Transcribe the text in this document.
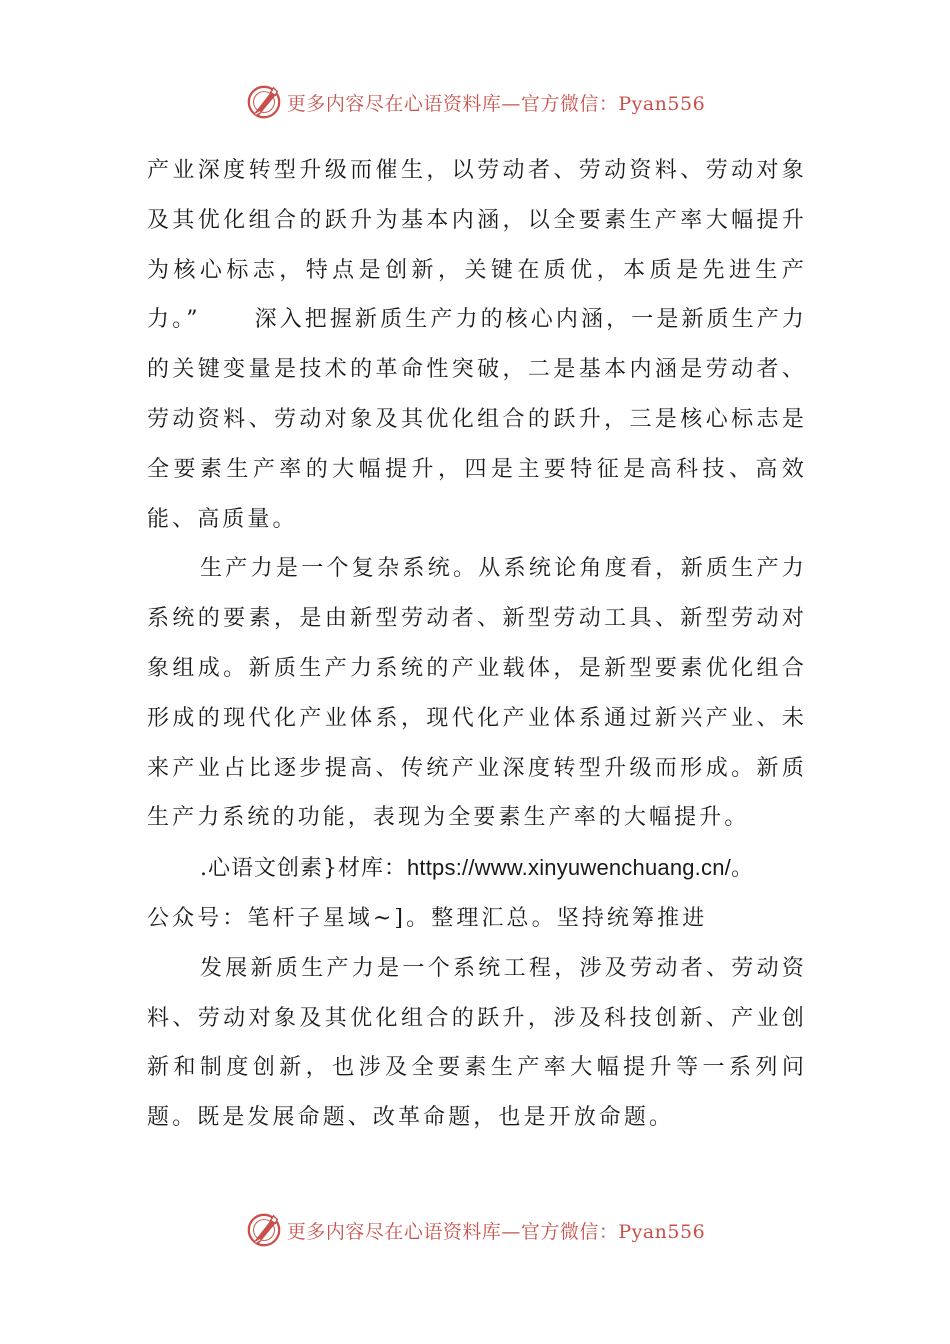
更多内容尽在心语资料库—官方微信：Pyan556

产业深度转型升级而催生，以劳动者、劳动资料、劳动对象及其优化组合的跃升为基本内涵，以全要素生产率大幅提升为核心标志，特点是创新，关键在质优，本质是先进生产力。” 深入把握新质生产力的核心内涵，一是新质生产力的关键变量是技术的革命性突破，二是基本内涵是劳动者、劳动资料、劳动对象及其优化组合的跃升，三是核心标志是全要素生产率的大幅提升，四是主要特征是高科技、高效能、高质量。

生产力是一个复杂系统。从系统论角度看，新质生产力系统的要素，是由新型劳动者、新型劳动工具、新型劳动对象组成。新质生产力系统的产业载体，是新型要素优化组合形成的现代化产业体系，现代化产业体系通过新兴产业、未来产业占比逐步提高、传统产业深度转型升级而形成。新质生产力系统的功能，表现为全要素生产率的大幅提升。

.心语文创素}材库：https://www.xinyuwenchuang.cn/。

公众号：笔杆子星域~]。整理汇总。坚持统筹推进

发展新质生产力是一个系统工程，涉及劳动者、劳动资料、劳动对象及其优化组合的跃升，涉及科技创新、产业创新和制度创新，也涉及全要素生产率大幅提升等一系列问题。既是发展命题、改革命题，也是开放命题。

更多内容尽在心语资料库—官方微信：Pyan556
